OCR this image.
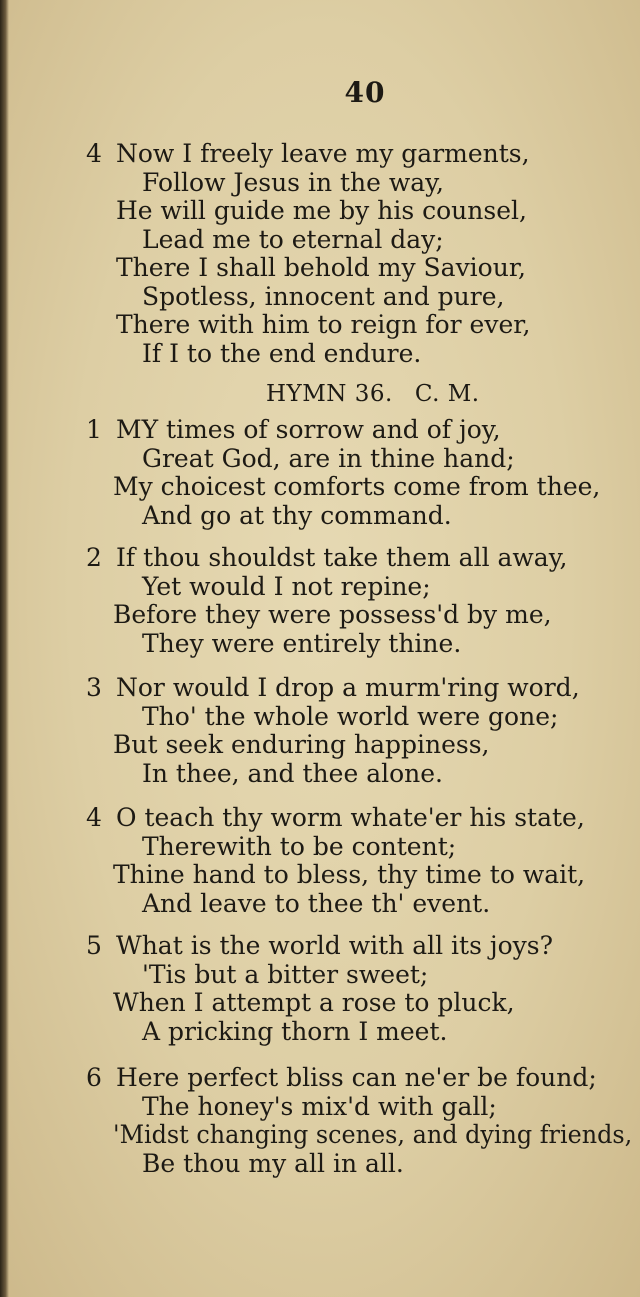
40
4 Now I freely leave my garments,
Follow Jesus in the way,
He will guide me by his counsel,
Lead me to eternal day;
There I shall behold my Saviour,
Spotless, innocent and pure,
There with him to reign for ever,
If I to the end endure.
HYMN 36. C. M.
1 MY times of sorrow and of joy,
Great God, are in thine hand;
My choicest comforts come from thee,
And go at thy command.
2 If thou shouldst take them all away,
Yet would I not repine;
Before they were possess'd by me,
They were entirely thine.
3 Nor would I drop a murm'ring word,
Tho' the whole world were gone;
But seek enduring happiness,
In thee, and thee alone.
4 O teach thy worm whate'er his state,
Therewith to be content;
Thine hand to bless, thy time to wait,
And leave to thee th' event.
5 What is the world with all its joys?
'Tis but a bitter sweet;
When I attempt a rose to pluck,
A pricking thorn I meet.
6 Here perfect bliss can ne'er be found;
The honey's mix'd with gall;
'Midst changing scenes, and dying friends,
Be thou my all in all.
